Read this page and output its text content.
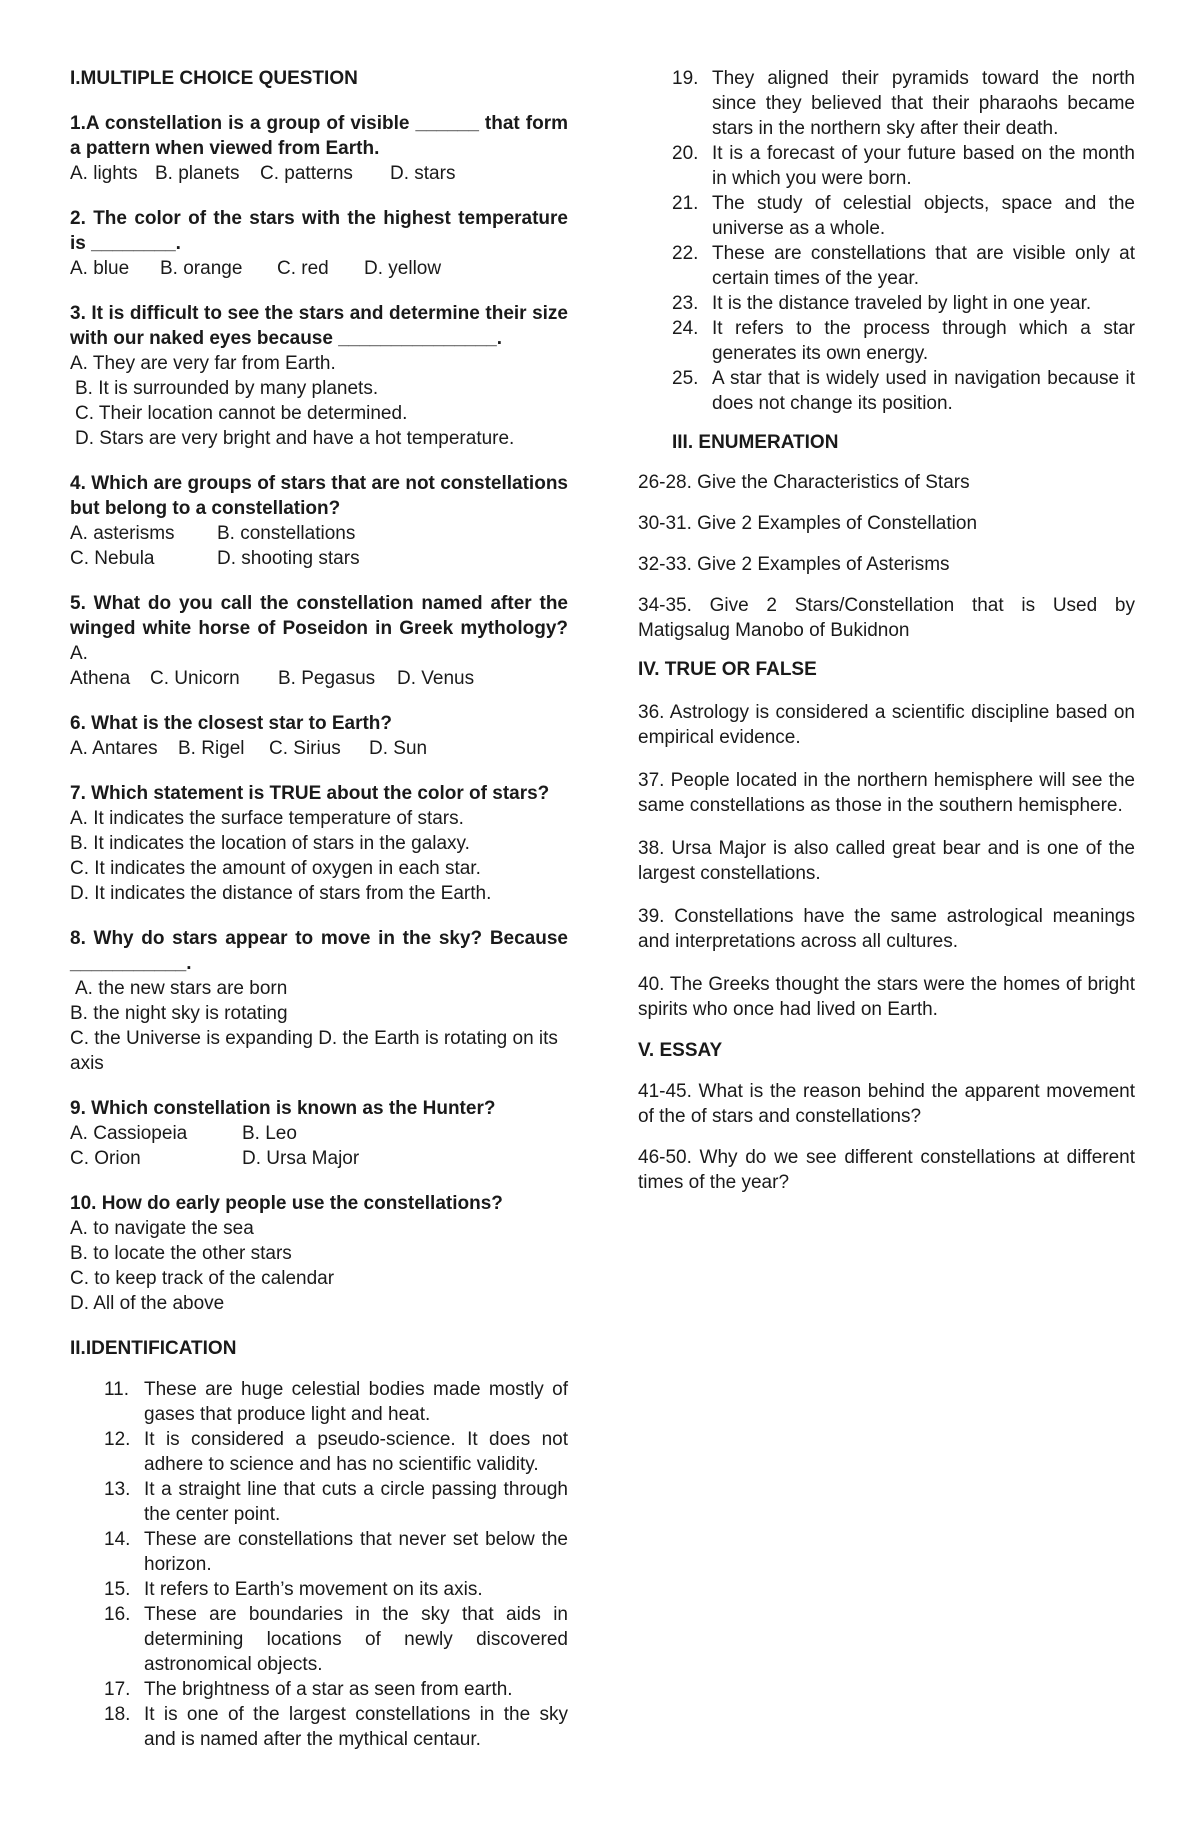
I.MULTIPLE CHOICE QUESTION

1.A constellation is a group of visible ______ that form a pattern when viewed from Earth.

A. lights B. planets	C. patterns	D. stars

2. The color of the stars with the highest temperature is ________.

A. blue	B. orange	C. red	D. yellow

3. It is difficult to see the stars and determine their size with our naked eyes because _______________.

A. They are very far from Earth.

B. It is surrounded by many planets.

C. Their location cannot be determined.

D. Stars are very bright and have a hot temperature.

4. Which are groups of stars that are not constellations but belong to a constellation?

A. asterisms	B. constellations
C. Nebula	D. shooting stars

5. What do you call the constellation named after the winged white horse of Poseidon in Greek mythology? A.

Athena	C. Unicorn	B. Pegasus	D. Venus

6. What is the closest star to Earth?

A. Antares	B. Rigel	C. Sirius	D. Sun

7. Which statement is TRUE about the color of stars?

A. It indicates the surface temperature of stars.

B. It indicates the location of stars in the galaxy.

C. It indicates the amount of oxygen in each star.

D. It indicates the distance of stars from the Earth.

8. Why do stars appear to move in the sky? Because ___________.

A. the new stars are born

B. the night sky is rotating

C. the Universe is expanding D. the Earth is rotating on its axis

9. Which constellation is known as the Hunter?

A. Cassiopeia	B. Leo
C. Orion	D. Ursa Major

10. How do early people use the constellations?

A. to navigate the sea

B. to locate the other stars

C. to keep track of the calendar

D. All of the above

II.IDENTIFICATION

11. These are huge celestial bodies made mostly of gases that produce light and heat.
12. It is considered a pseudo-science. It does not adhere to science and has no scientific validity.
13. It a straight line that cuts a circle passing through the center point.
14. These are constellations that never set below the horizon.
15. It refers to Earth’s movement on its axis.
16. These are boundaries in the sky that aids in determining locations of newly discovered astronomical objects.
17. The brightness of a star as seen from earth.
18. It is one of the largest constellations in the sky and is named after the mythical centaur.
19. They aligned their pyramids toward the north since they believed that their pharaohs became stars in the northern sky after their death.
20. It is a forecast of your future based on the month in which you were born.
21. The study of celestial objects, space and the universe as a whole.
22. These are constellations that are visible only at certain times of the year.
23. It is the distance traveled by light in one year.
24. It refers to the process through which a star generates its own energy.
25. A star that is widely used in navigation because it does not change its position.

III. ENUMERATION

26-28. Give the Characteristics of Stars

30-31. Give 2 Examples of Constellation

32-33. Give 2 Examples of Asterisms

34-35. Give 2 Stars/Constellation that is Used by Matigsalug Manobo of Bukidnon

IV. TRUE OR FALSE

36. Astrology is considered a scientific discipline based on empirical evidence.

37. People located in the northern hemisphere will see the same constellations as those in the southern hemisphere.

38. Ursa Major is also called great bear and is one of the largest constellations.

39. Constellations have the same astrological meanings and interpretations across all cultures.

40. The Greeks thought the stars were the homes of bright spirits who once had lived on Earth.

V. ESSAY

41-45. What is the reason behind the apparent movement of the of stars and constellations?

46-50. Why do we see different constellations at different times of the year?
